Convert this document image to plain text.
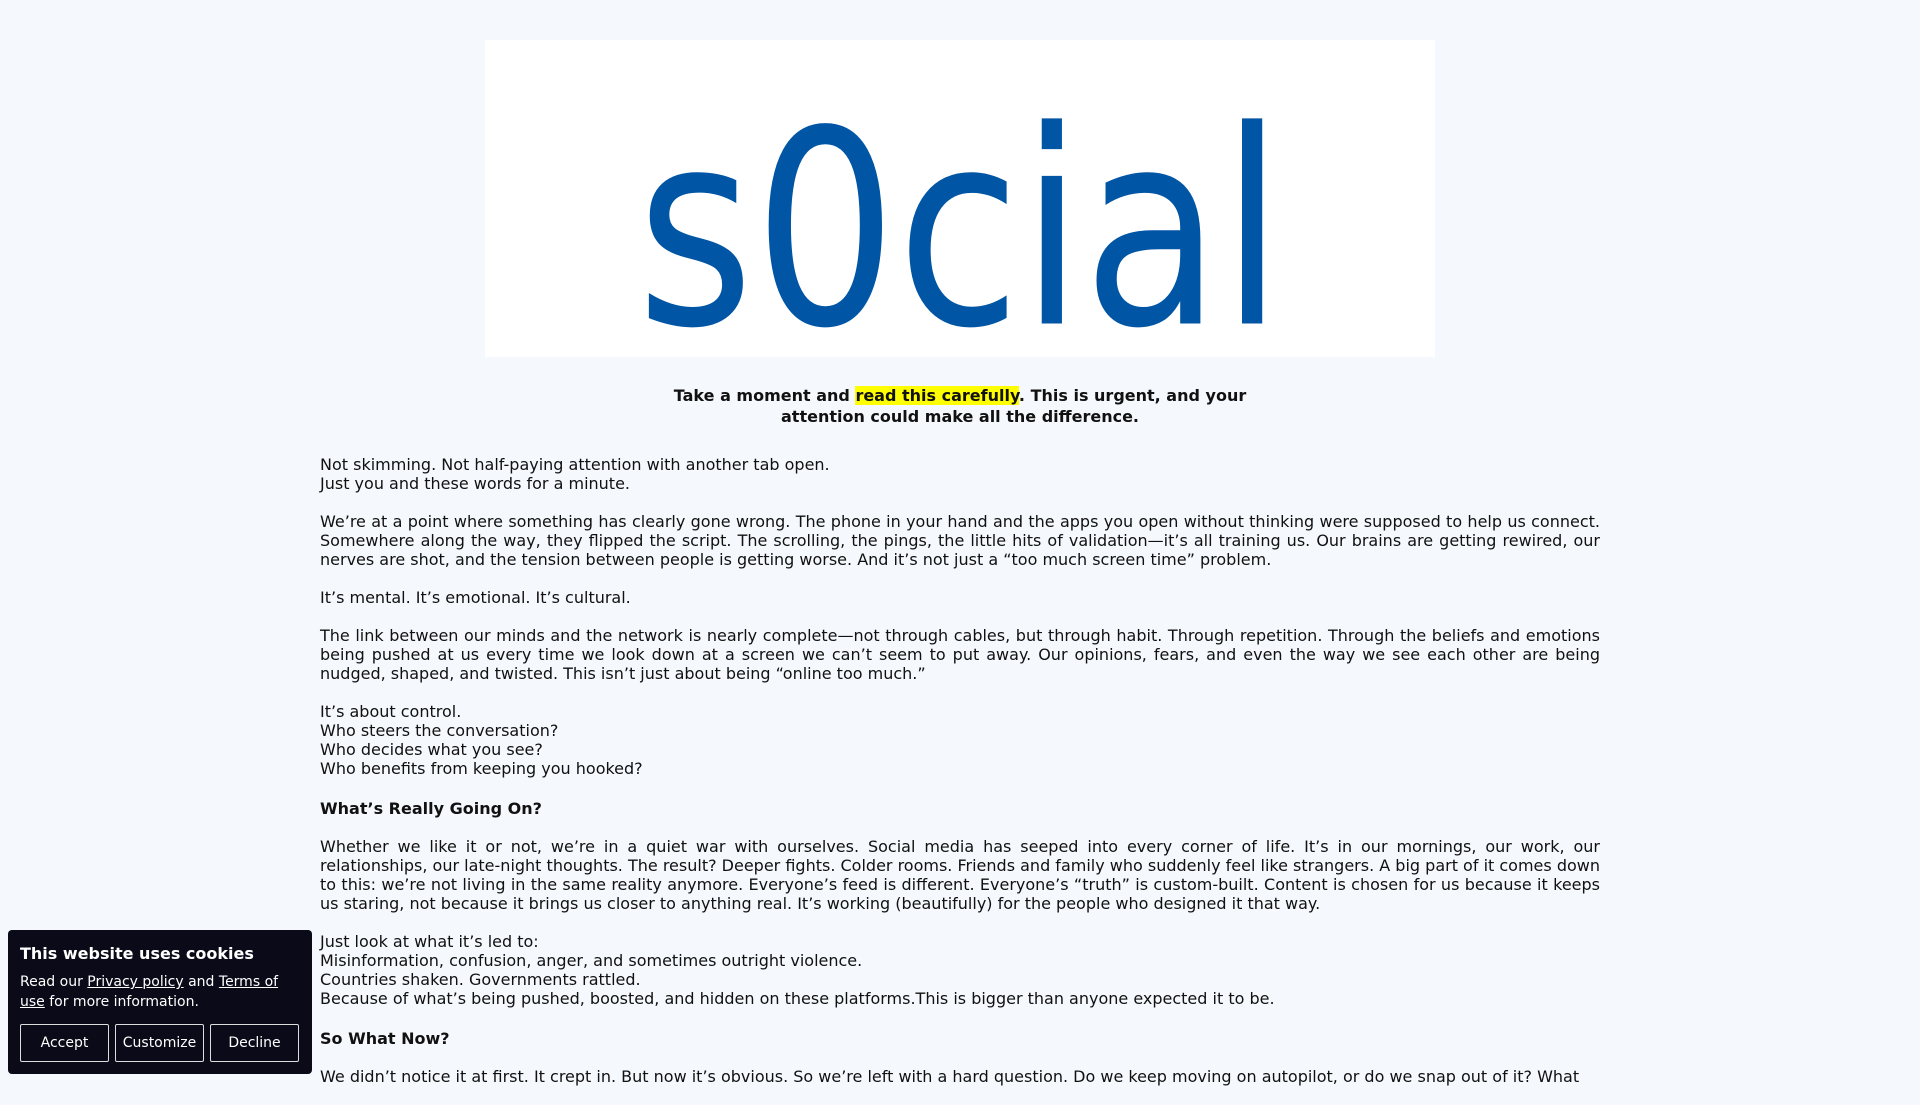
s0cial
Take a moment and read this carefully. This is urgent, and your attention could make all the difference.

Not skimming. Not half-paying attention with another tab open.
Just you and these words for a minute.

We’re at a point where something has clearly gone wrong. The phone in your hand and the apps you open without thinking were supposed to help us connect. Somewhere along the way, they flipped the script. The scrolling, the pings, the little hits of validation—it’s all training us. Our brains are getting rewired, our nerves are shot, and the tension between people is getting worse. And it’s not just a “too much screen time” problem.

It’s mental. It’s emotional. It’s cultural.

The link between our minds and the network is nearly complete—not through cables, but through habit. Through repetition. Through the beliefs and emotions being pushed at us every time we look down at a screen we can’t seem to put away. Our opinions, fears, and even the way we see each other are being nudged, shaped, and twisted. This isn’t just about being “online too much.”

It’s about control.
Who steers the conversation?
Who decides what you see?
Who benefits from keeping you hooked?

What’s Really Going On?

Whether we like it or not, we’re in a quiet war with ourselves. Social media has seeped into every corner of life. It’s in our mornings, our work, our relationships, our late-night thoughts. The result? Deeper fights. Colder rooms. Friends and family who suddenly feel like strangers. A big part of it comes down to this: we’re not living in the same reality anymore. Everyone’s feed is different. Everyone’s “truth” is custom-built. Content is chosen for us because it keeps us staring, not because it brings us closer to anything real. It’s working (beautifully) for the people who designed it that way.

Just look at what it’s led to:
Misinformation, confusion, anger, and sometimes outright violence.
Countries shaken. Governments rattled.
Because of what’s being pushed, boosted, and hidden on these platforms.This is bigger than anyone expected it to be.

So What Now?

We didn’t notice it at first. It crept in. But now it’s obvious. So we’re left with a hard question. Do we keep moving on autopilot, or do we snap out of it? What

This website uses cookies

Read our Privacy policy and Terms of use for more information.

Accept	Customize	Decline
